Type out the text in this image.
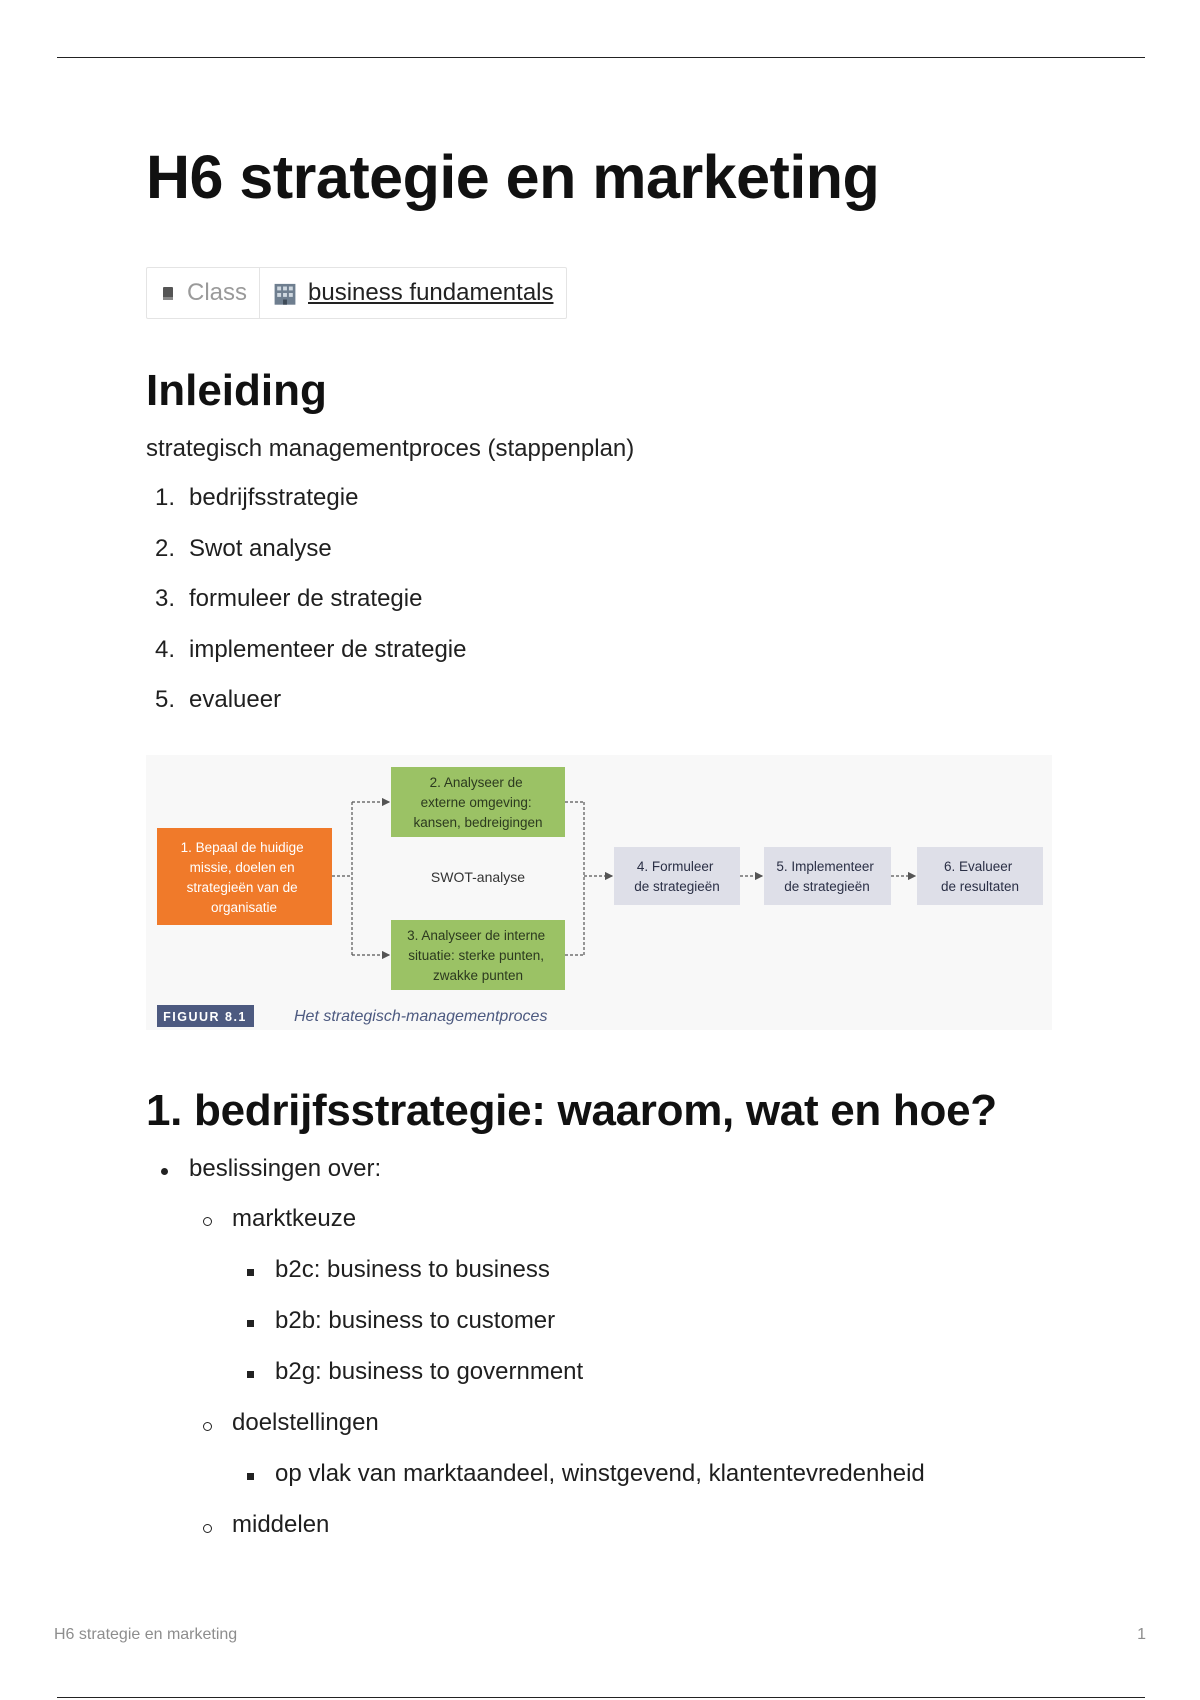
H6 strategie en marketing
Class	business fundamentals
Inleiding
strategisch managementproces (stappenplan)
1. bedrijfsstrategie
2. Swot analyse
3. formuleer de strategie
4. implementeer de strategie
5. evalueer
1. Bepaal de huidige missie, doelen en strategieën van de organisatie
2. Analyseer de externe omgeving: kansen, bedreigingen
SWOT-analyse
3. Analyseer de interne situatie: sterke punten, zwakke punten
4. Formuleer de strategieën
5. Implementeer de strategieën
6. Evalueer de resultaten
FIGUUR 8.1	Het strategisch-managementproces
1. bedrijfsstrategie: waarom, wat en hoe?
beslissingen over:
marktkeuze
b2c: business to business
b2b: business to customer
b2g: business to government
doelstellingen
op vlak van marktaandeel, winstgevend, klantentevredenheid
middelen
H6 strategie en marketing	1
